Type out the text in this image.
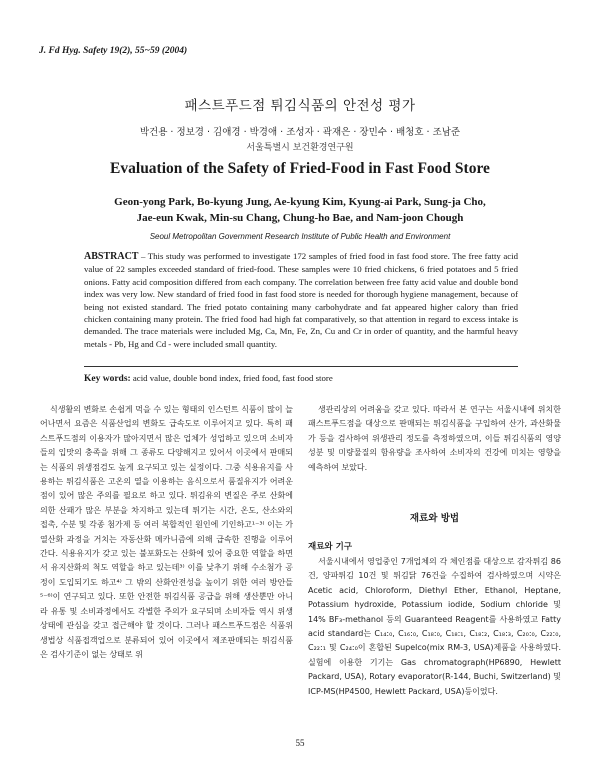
J. Fd Hyg. Safety 19(2), 55~59 (2004)
패스트푸드점 튀김식품의 안전성 평가
박건용 · 정보경 · 김애경 · 박경애 · 조성자 · 곽재은 · 장민수 · 배청호 · 조남준
서울특별시 보건환경연구원
Evaluation of the Safety of Fried-Food in Fast Food Store
Geon-yong Park, Bo-kyung Jung, Ae-kyung Kim, Kyung-ai Park, Sung-ja Cho,
Jae-eun Kwak, Min-su Chang, Chung-ho Bae, and Nam-joon Chough
Seoul Metropolitan Government Research Institute of Public Health and Environment
ABSTRACT – This study was performed to investigate 172 samples of fried food in fast food store. The free fatty acid value of 22 samples exceeded standard of fried-food. These samples were 10 fried chickens, 6 fried potatoes and 5 fried onions. Fatty acid composition differed from each company. The correlation between free fatty acid value and double bond index was very low. New standard of fried food in fast food store is needed for thorough hygiene management, because of being not existed standard. The fried potato containing many carbohydrate and fat appeared higher calory than fried chicken containing many protein. The fried food had high fat comparatively, so that attention in regard to excess intake is demanded. The trace materials were included Mg, Ca, Mn, Fe, Zn, Cu and Cr in order of quantity, and the harmful heavy metals - Pb, Hg and Cd - were included small quantity.
Key words: acid value, double bond index, fried food, fast food store
식생활의 변화로 손쉽게 먹을 수 있는 형태의 인스턴트 식품이 많이 늘어나면서 요즘은 식품산업의 변화도 급속도로 이루어지고 있다. 특히 패스트푸드점의 이용자가 많아지면서 많은 업체가 성업하고 있으며 소비자들의 입맛의 충족을 위해 그 종류도 다양해지고 있어서 이곳에서 판매되는 식품의 위생점검도 높게 요구되고 있는 실정이다. 그중 식용유지를 사용하는 튀김식품은 고온의 열을 이용하는 음식으로서 품질유지가 어려운 점이 있어 많은 주의를 필요로 하고 있다. 튀김유의 변질은 주로 산화에 의한 산패가 많은 부분을 차지하고 있는데 튀기는 시간, 온도, 산소와의 접촉, 수분 및 각종 첨가제 등 여러 복합적인 원인에 기인하고¹⁻³⁾ 이는 가열산화 과정을 거치는 자동산화 메카니즘에 의해 급속한 진행을 이루어 간다. 식용유지가 갖고 있는 불포화도는 산화에 있어 중요한 역할을 하면서 유지산화의 척도 역할을 하고 있는데³⁾ 이를 낮추기 위해 수소첨가 공정이 도입되기도 하고⁴⁾ 그 밖의 산화안전성을 높이기 위한 여러 방안들⁵⁻⁶⁾이 연구되고 있다. 또한 안전한 튀김식품 공급을 위해 생산뿐만 아니라 유통 및 소비과정에서도 각별한 주의가 요구되며 소비자들 역시 위생상태에 관심을 갖고 접근해야 할 것이다. 그러나 패스트푸드점은 식품위생법상 식품접객업으로 분류되어 있어 이곳에서 제조판매되는 튀김식품은 검사기준이 없는 상태로 위
생관리상의 어려움을 갖고 있다. 따라서 본 연구는 서울시내에 위치한 패스트푸드점을 대상으로 판매되는 튀김식품을 구입하여 산가, 과산화물가 등을 검사하여 위생관리 정도를 측정하였으며, 이들 튀김식품의 영양성분 및 미량물질의 함유량을 조사하여 소비자의 건강에 미치는 영향을 예측하여 보았다.
재료와 방법
재료와 기구
서울시내에서 영업중인 7개업체의 각 체인점를 대상으로 감자튀김 86건, 양파튀김 10건 및 튀김닭 76건을 수집하여 검사하였으며 시약은 Acetic acid, Chloroform, Diethyl Ether, Ethanol, Heptane, Potassium hydroxide, Potassium iodide, Sodium chloride 및 14% BF₃-methanol 등의 Guaranteed Reagent를 사용하였고 Fatty acid standard는 C₁₄:₀, C₁₆:₀, C₁₈:₀, C₁₈:₁, C₁₈:₂, C₁₈:₃, C₂₀:₀, C₂₂:₀, C₂₂:₁ 및 C₂₄:₀이 혼합된 Supelco(mix RM-3, USA)제품을 사용하였다. 실험에 이용한 기기는 Gas chromatograph(HP6890, Hewlett Packard, USA), Rotary evaporator(R-144, Buchi, Switzerland) 및 ICP-MS(HP4500, Hewlett Packard, USA)등이었다.
55
